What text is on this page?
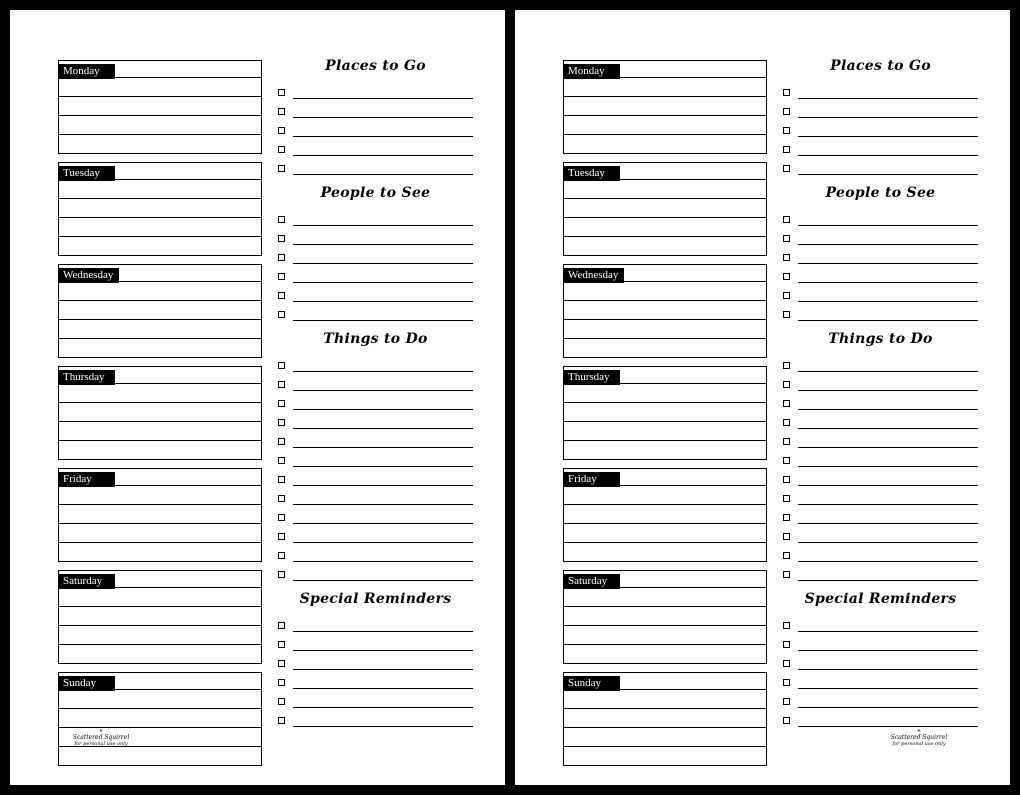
Monday
Tuesday
Wednesday
Thursday
Friday
Saturday
Sunday
Places to Go
People to See
Things to Do
Special Reminders
⁎
Scattered Squirrel
for personal use only
Monday
Tuesday
Wednesday
Thursday
Friday
Saturday
Sunday
Places to Go
People to See
Things to Do
Special Reminders
⁎
Scattered Squirrel
for personal use only
